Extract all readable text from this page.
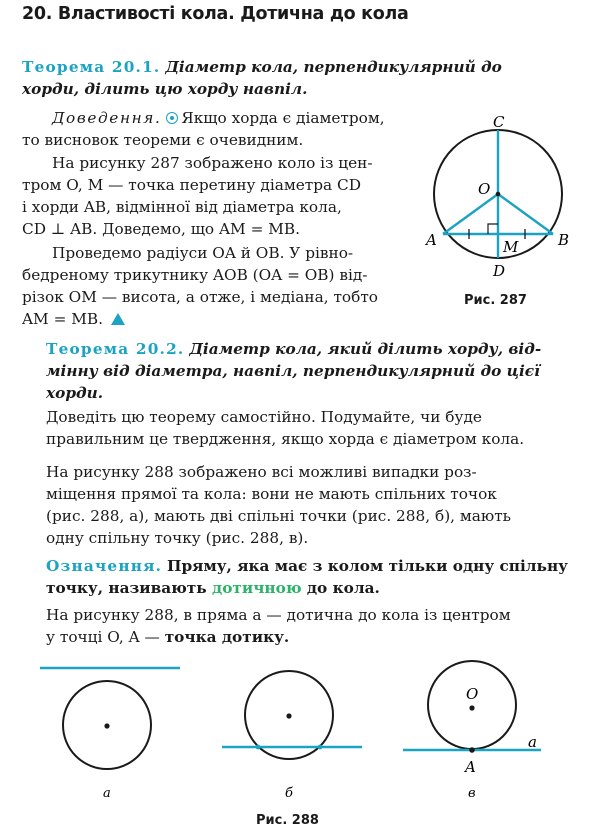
20. Властивості кола. Дотична до кола
Теорема 20.1. Діаметр кола, перпендикулярний до
хорди, ділить цю хорду навпіл.
Доведення. Якщо хорда є діаметром,
то висновок теореми є очевидним.
На рисунку 287 зображено коло із цен-
тром O, M — точка перетину діаметра CD
і хорди AB, відмінної від діаметра кола,
CD ⊥ AB. Доведемо, що AM = MB.
Проведемо радіуси OA й OB. У рівно-
бедреному трикутнику AOB (OA = OB) від-
різок OM — висота, а отже, і медіана, тобто
AM = MB.
C
O
A	B
M
D
Рис. 287
Теорема 20.2. Діаметр кола, який ділить хорду, від-
мінну від діаметра, навпіл, перпендикулярний до цієї
хорди.
Доведіть цю теорему самостійно. Подумайте, чи буде
правильним це твердження, якщо хорда є діаметром кола.
На рисунку 288 зображено всі можливі випадки роз-
міщення прямої та кола: вони не мають спільних точок
(рис. 288, а), мають дві спільні точки (рис. 288, б), мають
одну спільну точку (рис. 288, в).
Означення. Пряму, яка має з колом тільки одну спільну
точку, називають дотичною до кола.
На рисунку 288, в пряма a — дотична до кола із центром
у точці O, A — точка дотику.
O
A
a
а	б	в
Рис. 288
